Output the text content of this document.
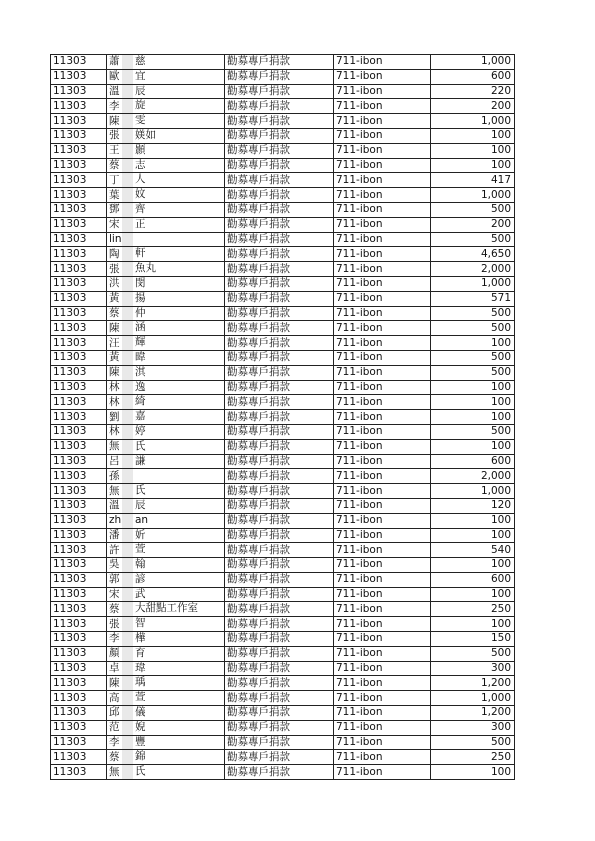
11303	蕭 慈	勸募專戶捐款	711-ibon	1,000
11303	歐 宜	勸募專戶捐款	711-ibon	600
11303	溫 辰	勸募專戶捐款	711-ibon	220
11303	李 旋	勸募專戶捐款	711-ibon	200
11303	陳 雯	勸募專戶捐款	711-ibon	1,000
11303	張 媄如	勸募專戶捐款	711-ibon	100
11303	王 顥	勸募專戶捐款	711-ibon	100
11303	蔡 志	勸募專戶捐款	711-ibon	100
11303	丁 人	勸募專戶捐款	711-ibon	417
11303	葉 妏	勸募專戶捐款	711-ibon	1,000
11303	鄧 齊	勸募專戶捐款	711-ibon	500
11303	宋 正	勸募專戶捐款	711-ibon	200
11303	lin	勸募專戶捐款	711-ibon	500
11303	陶 軒	勸募專戶捐款	711-ibon	4,650
11303	張 魚丸	勸募專戶捐款	711-ibon	2,000
11303	洪 閔	勸募專戶捐款	711-ibon	1,000
11303	黃 揚	勸募專戶捐款	711-ibon	571
11303	蔡 仲	勸募專戶捐款	711-ibon	500
11303	陳 涵	勸募專戶捐款	711-ibon	500
11303	汪 輝	勸募專戶捐款	711-ibon	100
11303	黃 暐	勸募專戶捐款	711-ibon	500
11303	陳 淇	勸募專戶捐款	711-ibon	500
11303	林 逸	勸募專戶捐款	711-ibon	100
11303	林 綺	勸募專戶捐款	711-ibon	100
11303	劉 嘉	勸募專戶捐款	711-ibon	100
11303	林 婷	勸募專戶捐款	711-ibon	500
11303	無 氏	勸募專戶捐款	711-ibon	100
11303	呂 謙	勸募專戶捐款	711-ibon	600
11303	孫	勸募專戶捐款	711-ibon	2,000
11303	無 氏	勸募專戶捐款	711-ibon	1,000
11303	溫 辰	勸募專戶捐款	711-ibon	120
11303	zh an	勸募專戶捐款	711-ibon	100
11303	潘 妡	勸募專戶捐款	711-ibon	100
11303	許 萱	勸募專戶捐款	711-ibon	540
11303	吳 翰	勸募專戶捐款	711-ibon	100
11303	郭 諺	勸募專戶捐款	711-ibon	600
11303	宋 武	勸募專戶捐款	711-ibon	100
11303	蔡 大甜點工作室	勸募專戶捐款	711-ibon	250
11303	張 智	勸募專戶捐款	711-ibon	100
11303	李 樺	勸募專戶捐款	711-ibon	150
11303	顏 育	勸募專戶捐款	711-ibon	500
11303	卓 瑋	勸募專戶捐款	711-ibon	300
11303	陳 瑀	勸募專戶捐款	711-ibon	1,200
11303	高 萱	勸募專戶捐款	711-ibon	1,000
11303	邱 儀	勸募專戶捐款	711-ibon	1,200
11303	范 婗	勸募專戶捐款	711-ibon	300
11303	李 豐	勸募專戶捐款	711-ibon	500
11303	蔡 錦	勸募專戶捐款	711-ibon	250
11303	無 氏	勸募專戶捐款	711-ibon	100
